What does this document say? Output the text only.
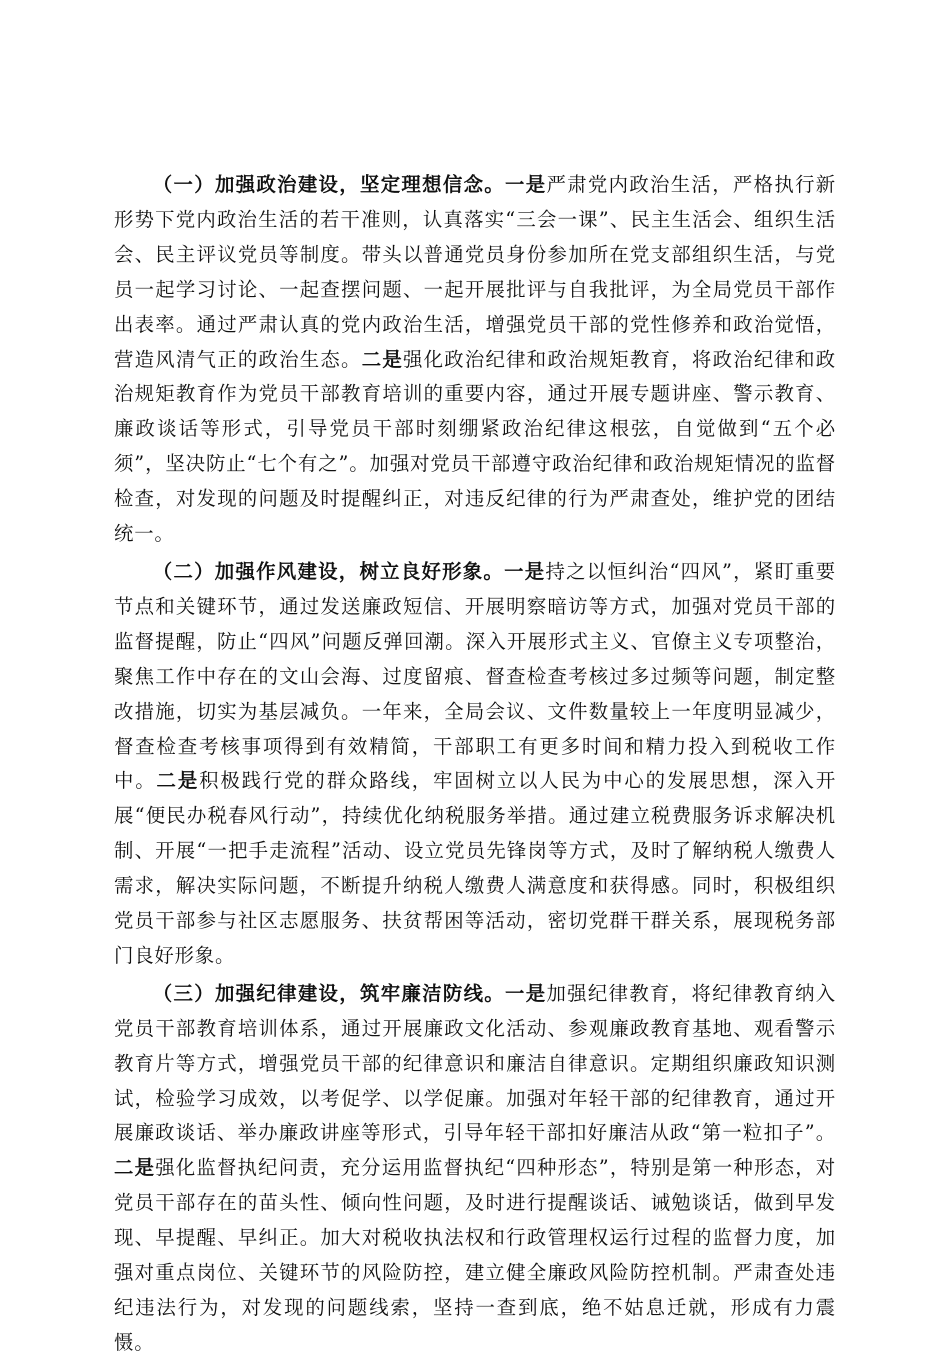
（一）加强政治建设，坚定理想信念。一是严肃党内政治生活，严格执行新形势下党内政治生活的若干准则，认真落实“三会一课”、民主生活会、组织生活会、民主评议党员等制度。带头以普通党员身份参加所在党支部组织生活，与党员一起学习讨论、一起查摆问题、一起开展批评与自我批评，为全局党员干部作出表率。通过严肃认真的党内政治生活，增强党员干部的党性修养和政治觉悟，营造风清气正的政治生态。二是强化政治纪律和政治规矩教育，将政治纪律和政治规矩教育作为党员干部教育培训的重要内容，通过开展专题讲座、警示教育、廉政谈话等形式，引导党员干部时刻绷紧政治纪律这根弦，自觉做到“五个必须”，坚决防止“七个有之”。加强对党员干部遵守政治纪律和政治规矩情况的监督检查，对发现的问题及时提醒纠正，对违反纪律的行为严肃查处，维护党的团结统一。

（二）加强作风建设，树立良好形象。一是持之以恒纠治“四风”，紧盯重要节点和关键环节，通过发送廉政短信、开展明察暗访等方式，加强对党员干部的监督提醒，防止“四风”问题反弹回潮。深入开展形式主义、官僚主义专项整治，聚焦工作中存在的文山会海、过度留痕、督查检查考核过多过频等问题，制定整改措施，切实为基层减负。一年来，全局会议、文件数量较上一年度明显减少，督查检查考核事项得到有效精简，干部职工有更多时间和精力投入到税收工作中。二是积极践行党的群众路线，牢固树立以人民为中心的发展思想，深入开展“便民办税春风行动”，持续优化纳税服务举措。通过建立税费服务诉求解决机制、开展“一把手走流程”活动、设立党员先锋岗等方式，及时了解纳税人缴费人需求，解决实际问题，不断提升纳税人缴费人满意度和获得感。同时，积极组织党员干部参与社区志愿服务、扶贫帮困等活动，密切党群干群关系，展现税务部门良好形象。

（三）加强纪律建设，筑牢廉洁防线。一是加强纪律教育，将纪律教育纳入党员干部教育培训体系，通过开展廉政文化活动、参观廉政教育基地、观看警示教育片等方式，增强党员干部的纪律意识和廉洁自律意识。定期组织廉政知识测试，检验学习成效，以考促学、以学促廉。加强对年轻干部的纪律教育，通过开展廉政谈话、举办廉政讲座等形式，引导年轻干部扣好廉洁从政“第一粒扣子”。二是强化监督执纪问责，充分运用监督执纪“四种形态”，特别是第一种形态，对党员干部存在的苗头性、倾向性问题，及时进行提醒谈话、诫勉谈话，做到早发现、早提醒、早纠正。加大对税收执法权和行政管理权运行过程的监督力度，加强对重点岗位、关键环节的风险防控，建立健全廉政风险防控机制。严肃查处违纪违法行为，对发现的问题线索，坚持一查到底，绝不姑息迁就，形成有力震慑。
